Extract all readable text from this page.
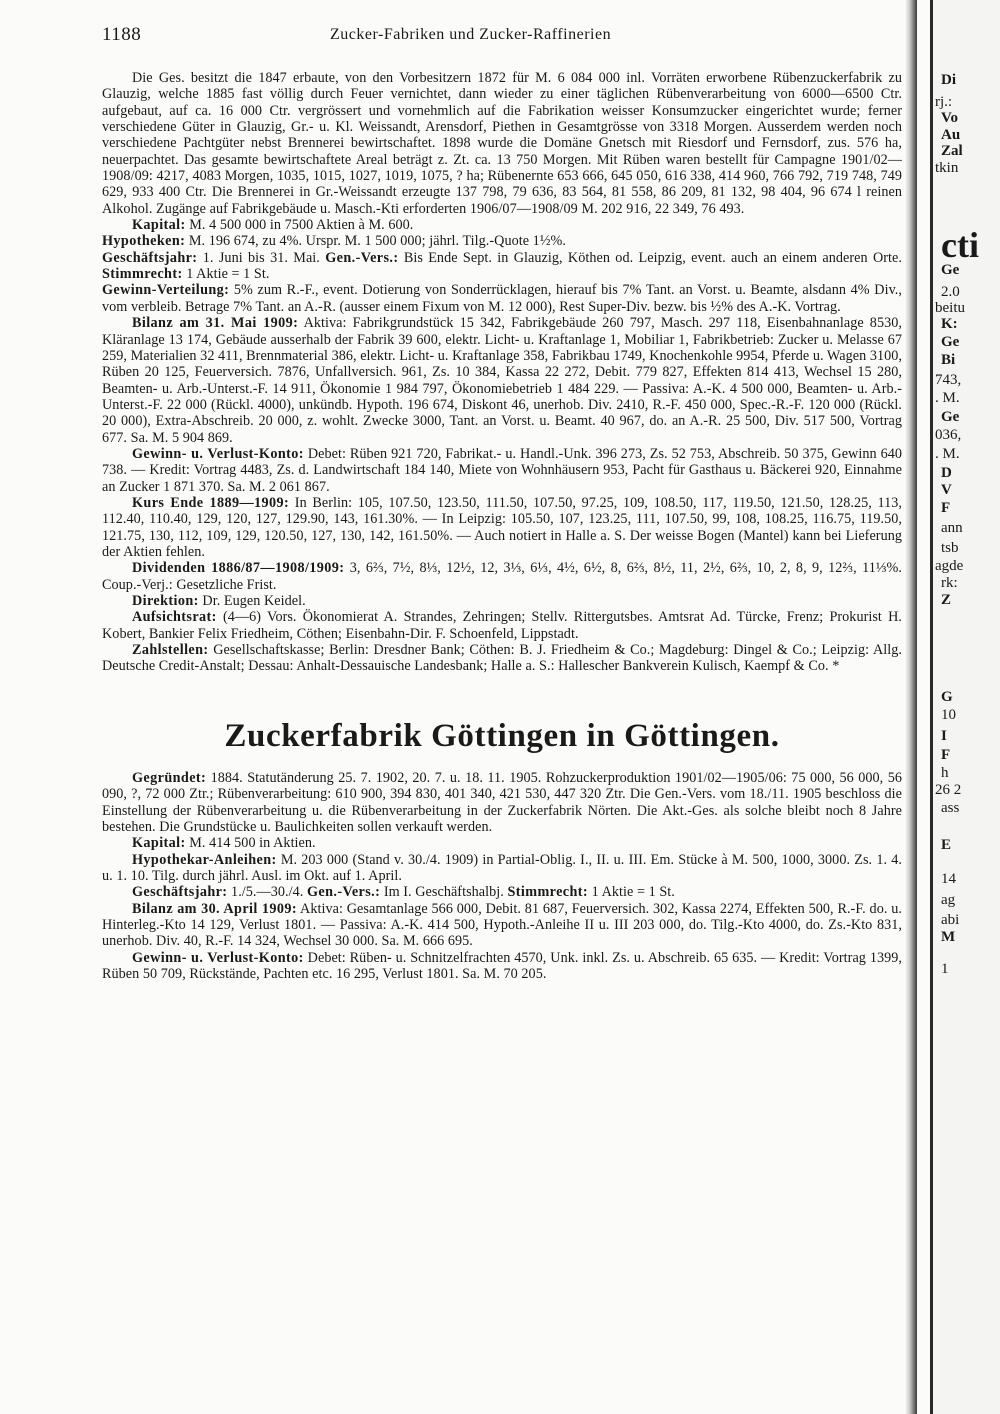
1188	Zucker-Fabriken und Zucker-Raffinerien

Die Ges. besitzt die 1847 erbaute, von den Vorbesitzern 1872 für M. 6 084 000 inl. Vorräten erworbene Rübenzuckerfabrik zu Glauzig, welche 1885 fast völlig durch Feuer vernichtet, dann wieder zu einer täglichen Rübenverarbeitung von 6000—6500 Ctr. aufgebaut, auf ca. 16 000 Ctr. vergrössert und vornehmlich auf die Fabrikation weisser Konsumzucker eingerichtet wurde; ferner verschiedene Güter in Glauzig, Gr.- u. Kl. Weissandt, Arensdorf, Piethen in Gesamtgrösse von 3318 Morgen. Ausserdem werden noch verschiedene Pachtgüter nebst Brennerei bewirtschaftet. 1898 wurde die Domäne Gnetsch mit Riesdorf und Fernsdorf, zus. 576 ha, neuerpachtet. Das gesamte bewirtschaftete Areal beträgt z. Zt. ca. 13 750 Morgen. Mit Rüben waren bestellt für Campagne 1901/02—1908/09: 4217, 4083 Morgen, 1035, 1015, 1027, 1019, 1075, ? ha; Rübenernte 653 666, 645 050, 616 338, 414 960, 766 792, 719 748, 749 629, 933 400 Ctr. Die Brennerei in Gr.-Weissandt erzeugte 137 798, 79 636, 83 564, 81 558, 86 209, 81 132, 98 404, 96 674 l reinen Alkohol. Zugänge auf Fabrikgebäude u. Masch.-Kti erforderten 1906/07—1908/09 M. 202 916, 22 349, 76 493.

Kapital: M. 4 500 000 in 7500 Aktien à M. 600.

Hypotheken: M. 196 674, zu 4%. Urspr. M. 1 500 000; jährl. Tilg.-Quote 1½%.

Geschäftsjahr: 1. Juni bis 31. Mai. Gen.-Vers.: Bis Ende Sept. in Glauzig, Köthen od. Leipzig, event. auch an einem anderen Orte. Stimmrecht: 1 Aktie = 1 St.

Gewinn-Verteilung: 5% zum R.-F., event. Dotierung von Sonderrücklagen, hierauf bis 7% Tant. an Vorst. u. Beamte, alsdann 4% Div., vom verbleib. Betrage 7% Tant. an A.-R. (ausser einem Fixum von M. 12 000), Rest Super-Div. bezw. bis ½% des A.-K. Vortrag.

Bilanz am 31. Mai 1909: Aktiva: Fabrikgrundstück 15 342, Fabrikgebäude 260 797, Masch. 297 118, Eisenbahnanlage 8530, Kläranlage 13 174, Gebäude ausserhalb der Fabrik 39 600, elektr. Licht- u. Kraftanlage 1, Mobiliar 1, Fabrikbetrieb: Zucker u. Melasse 67 259, Materialien 32 411, Brennmaterial 386, elektr. Licht- u. Kraftanlage 358, Fabrikbau 1749, Knochenkohle 9954, Pferde u. Wagen 3100, Rüben 20 125, Feuerversich. 7876, Unfallversich. 961, Zs. 10 384, Kassa 22 272, Debit. 779 827, Effekten 814 413, Wechsel 15 280, Beamten- u. Arb.-Unterst.-F. 14 911, Ökonomie 1 984 797, Ökonomiebetrieb 1 484 229. — Passiva: A.-K. 4 500 000, Beamten- u. Arb.-Unterst.-F. 22 000 (Rückl. 4000), unkündb. Hypoth. 196 674, Diskont 46, unerhob. Div. 2410, R.-F. 450 000, Spec.-R.-F. 120 000 (Rückl. 20 000), Extra-Abschreib. 20 000, z. wohlt. Zwecke 3000, Tant. an Vorst. u. Beamt. 40 967, do. an A.-R. 25 500, Div. 517 500, Vortrag 677. Sa. M. 5 904 869.

Gewinn- u. Verlust-Konto: Debet: Rüben 921 720, Fabrikat.- u. Handl.-Unk. 396 273, Zs. 52 753, Abschreib. 50 375, Gewinn 640 738. — Kredit: Vortrag 4483, Zs. d. Landwirtschaft 184 140, Miete von Wohnhäusern 953, Pacht für Gasthaus u. Bäckerei 920, Einnahme an Zucker 1 871 370. Sa. M. 2 061 867.

Kurs Ende 1889—1909: In Berlin: 105, 107.50, 123.50, 111.50, 107.50, 97.25, 109, 108.50, 117, 119.50, 121.50, 128.25, 113, 112.40, 110.40, 129, 120, 127, 129.90, 143, 161.30%. — In Leipzig: 105.50, 107, 123.25, 111, 107.50, 99, 108, 108.25, 116.75, 119.50, 121.75, 130, 112, 109, 129, 120.50, 127, 130, 142, 161.50%. — Auch notiert in Halle a. S. Der weisse Bogen (Mantel) kann bei Lieferung der Aktien fehlen.

Dividenden 1886/87—1908/1909: 3, 6⅔, 7½, 8⅓, 12½, 12, 3⅓, 6⅓, 4½, 6½, 8, 6⅔, 8½, 11, 2½, 6⅔, 10, 2, 8, 9, 12⅔, 11⅓%. Coup.-Verj.: Gesetzliche Frist.

Direktion: Dr. Eugen Keidel.

Aufsichtsrat: (4—6) Vors. Ökonomierat A. Strandes, Zehringen; Stellv. Rittergutsbes. Amtsrat Ad. Türcke, Frenz; Prokurist H. Kobert, Bankier Felix Friedheim, Cöthen; Eisenbahn-Dir. F. Schoenfeld, Lippstadt.

Zahlstellen: Gesellschaftskasse; Berlin: Dresdner Bank; Cöthen: B. J. Friedheim & Co.; Magdeburg: Dingel & Co.; Leipzig: Allg. Deutsche Credit-Anstalt; Dessau: Anhalt-Dessauische Landesbank; Halle a. S.: Hallescher Bankverein Kulisch, Kaempf & Co. *

Zuckerfabrik Göttingen in Göttingen.

Gegründet: 1884. Statutänderung 25. 7. 1902, 20. 7. u. 18. 11. 1905. Rohzuckerproduktion 1901/02—1905/06: 75 000, 56 000, 56 090, ?, 72 000 Ztr.; Rübenverarbeitung: 610 900, 394 830, 401 340, 421 530, 447 320 Ztr. Die Gen.-Vers. vom 18./11. 1905 beschloss die Einstellung der Rübenverarbeitung u. die Rübenverarbeitung in der Zuckerfabrik Nörten. Die Akt.-Ges. als solche bleibt noch 8 Jahre bestehen. Die Grundstücke u. Baulichkeiten sollen verkauft werden.

Kapital: M. 414 500 in Aktien.

Hypothekar-Anleihen: M. 203 000 (Stand v. 30./4. 1909) in Partial-Oblig. I., II. u. III. Em. Stücke à M. 500, 1000, 3000. Zs. 1. 4. u. 1. 10. Tilg. durch jährl. Ausl. im Okt. auf 1. April.

Geschäftsjahr: 1./5.—30./4. Gen.-Vers.: Im I. Geschäftshalbj. Stimmrecht: 1 Aktie = 1 St.

Bilanz am 30. April 1909: Aktiva: Gesamtanlage 566 000, Debit. 81 687, Feuerversich. 302, Kassa 2274, Effekten 500, R.-F. do. u. Hinterleg.-Kto 14 129, Verlust 1801. — Passiva: A.-K. 414 500, Hypoth.-Anleihe II u. III 203 000, do. Tilg.-Kto 4000, do. Zs.-Kto 831, unerhob. Div. 40, R.-F. 14 324, Wechsel 30 000. Sa. M. 666 695.

Gewinn- u. Verlust-Konto: Debet: Rüben- u. Schnitzelfrachten 4570, Unk. inkl. Zs. u. Abschreib. 65 635. — Kredit: Vortrag 1399, Rüben 50 709, Rückstände, Pachten etc. 16 295, Verlust 1801. Sa. M. 70 205.

Di
rj.:
Vo
Au
Zal
tkin
cti
Ge
2.0
beitu
K:
Ge
Bi
743,
. M.
Ge
036,
. M.
D
V
F
ann
tsb
agde
rk:
Z
G
10
I
F
h
26 2
ass
E
14
ag
abi
M
1
